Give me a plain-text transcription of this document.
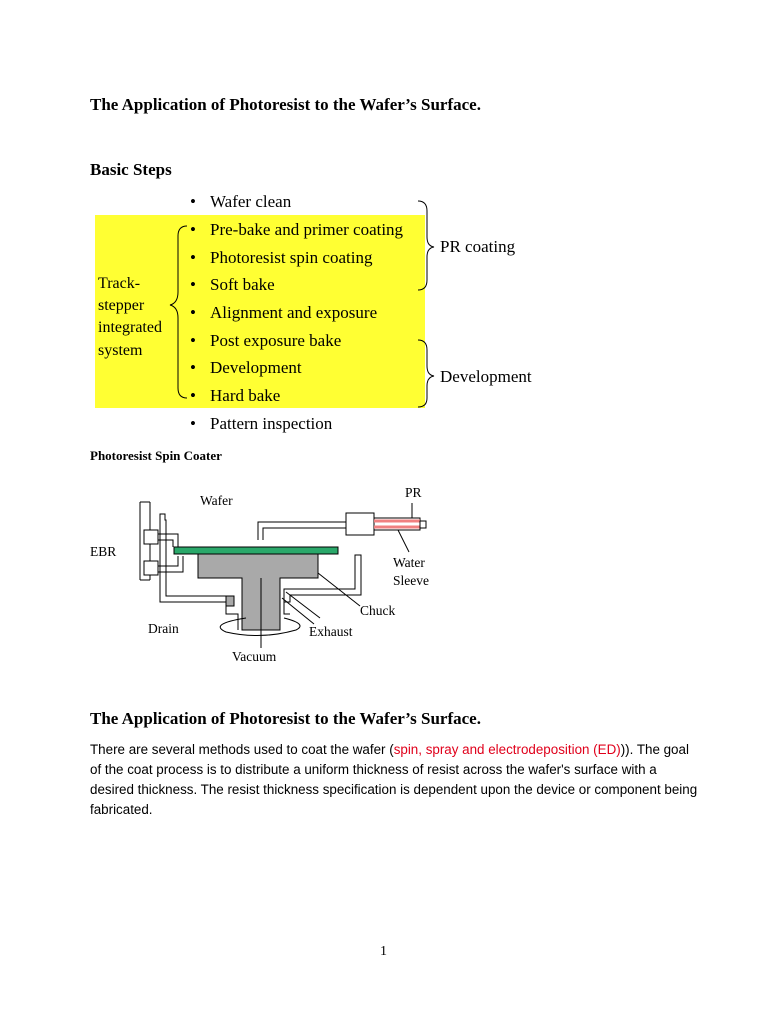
The Application of Photoresist to the Wafer’s Surface.
Basic Steps
• Wafer clean
• Pre-bake and primer coating
• Photoresist spin coating
• Soft bake
• Alignment and exposure
• Post exposure bake
• Development
• Hard bake
• Pattern inspection
Track-
stepper
integrated
system
PR coating
Development
Photoresist Spin Coater
Wafer
PR
EBR
Water
Sleeve
Chuck
Drain	Exhaust
Vacuum
The Application of Photoresist to the Wafer’s Surface.
There are several methods used to coat the wafer (spin, spray and electrodeposition (ED))). The goal of the coat process is to distribute a uniform thickness of resist across the wafer's surface with a desired thickness. The resist thickness specification is dependent upon the device or component being fabricated.
1
